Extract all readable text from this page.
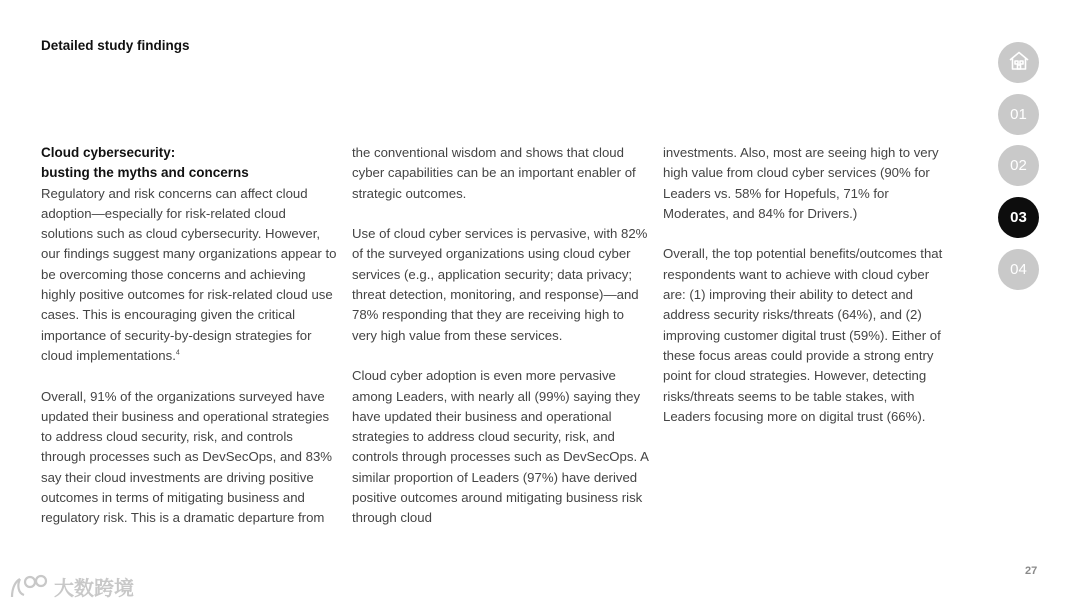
Detailed study findings
Cloud cybersecurity:
busting the myths and concerns

Regulatory and risk concerns can affect cloud adoption—especially for risk-related cloud solutions such as cloud cybersecurity. However, our findings suggest many organizations appear to be overcoming those concerns and achieving highly positive outcomes for risk-related cloud use cases. This is encouraging given the critical importance of security-by-design strategies for cloud implementations.$^4$

Overall, 91% of the organizations surveyed have updated their business and operational strategies to address cloud security, risk, and controls through processes such as DevSecOps, and 83% say their cloud investments are driving positive outcomes in terms of mitigating business and regulatory risk. This is a dramatic departure from

the conventional wisdom and shows that cloud cyber capabilities can be an important enabler of strategic outcomes.

Use of cloud cyber services is pervasive, with 82% of the surveyed organizations using cloud cyber services (e.g., application security; data privacy; threat detection, monitoring, and response)—and 78% responding that they are receiving high to very high value from these services.

Cloud cyber adoption is even more pervasive among Leaders, with nearly all (99%) saying they have updated their business and operational strategies to address cloud security, risk, and controls through processes such as DevSecOps. A similar proportion of Leaders (97%) have derived positive outcomes around mitigating business risk through cloud

investments. Also, most are seeing high to very high value from cloud cyber services (90% for Leaders vs. 58% for Hopefuls, 71% for Moderates, and 84% for Drivers.)

Overall, the top potential benefits/outcomes that respondents want to achieve with cloud cyber are: (1) improving their ability to detect and address security risks/threats (64%), and (2) improving customer digital trust (59%). Either of these focus areas could provide a strong entry point for cloud strategies. However, detecting risks/threats seems to be table stakes, with Leaders focusing more on digital trust (66%).

01
02
03
04
27
大数跨境
